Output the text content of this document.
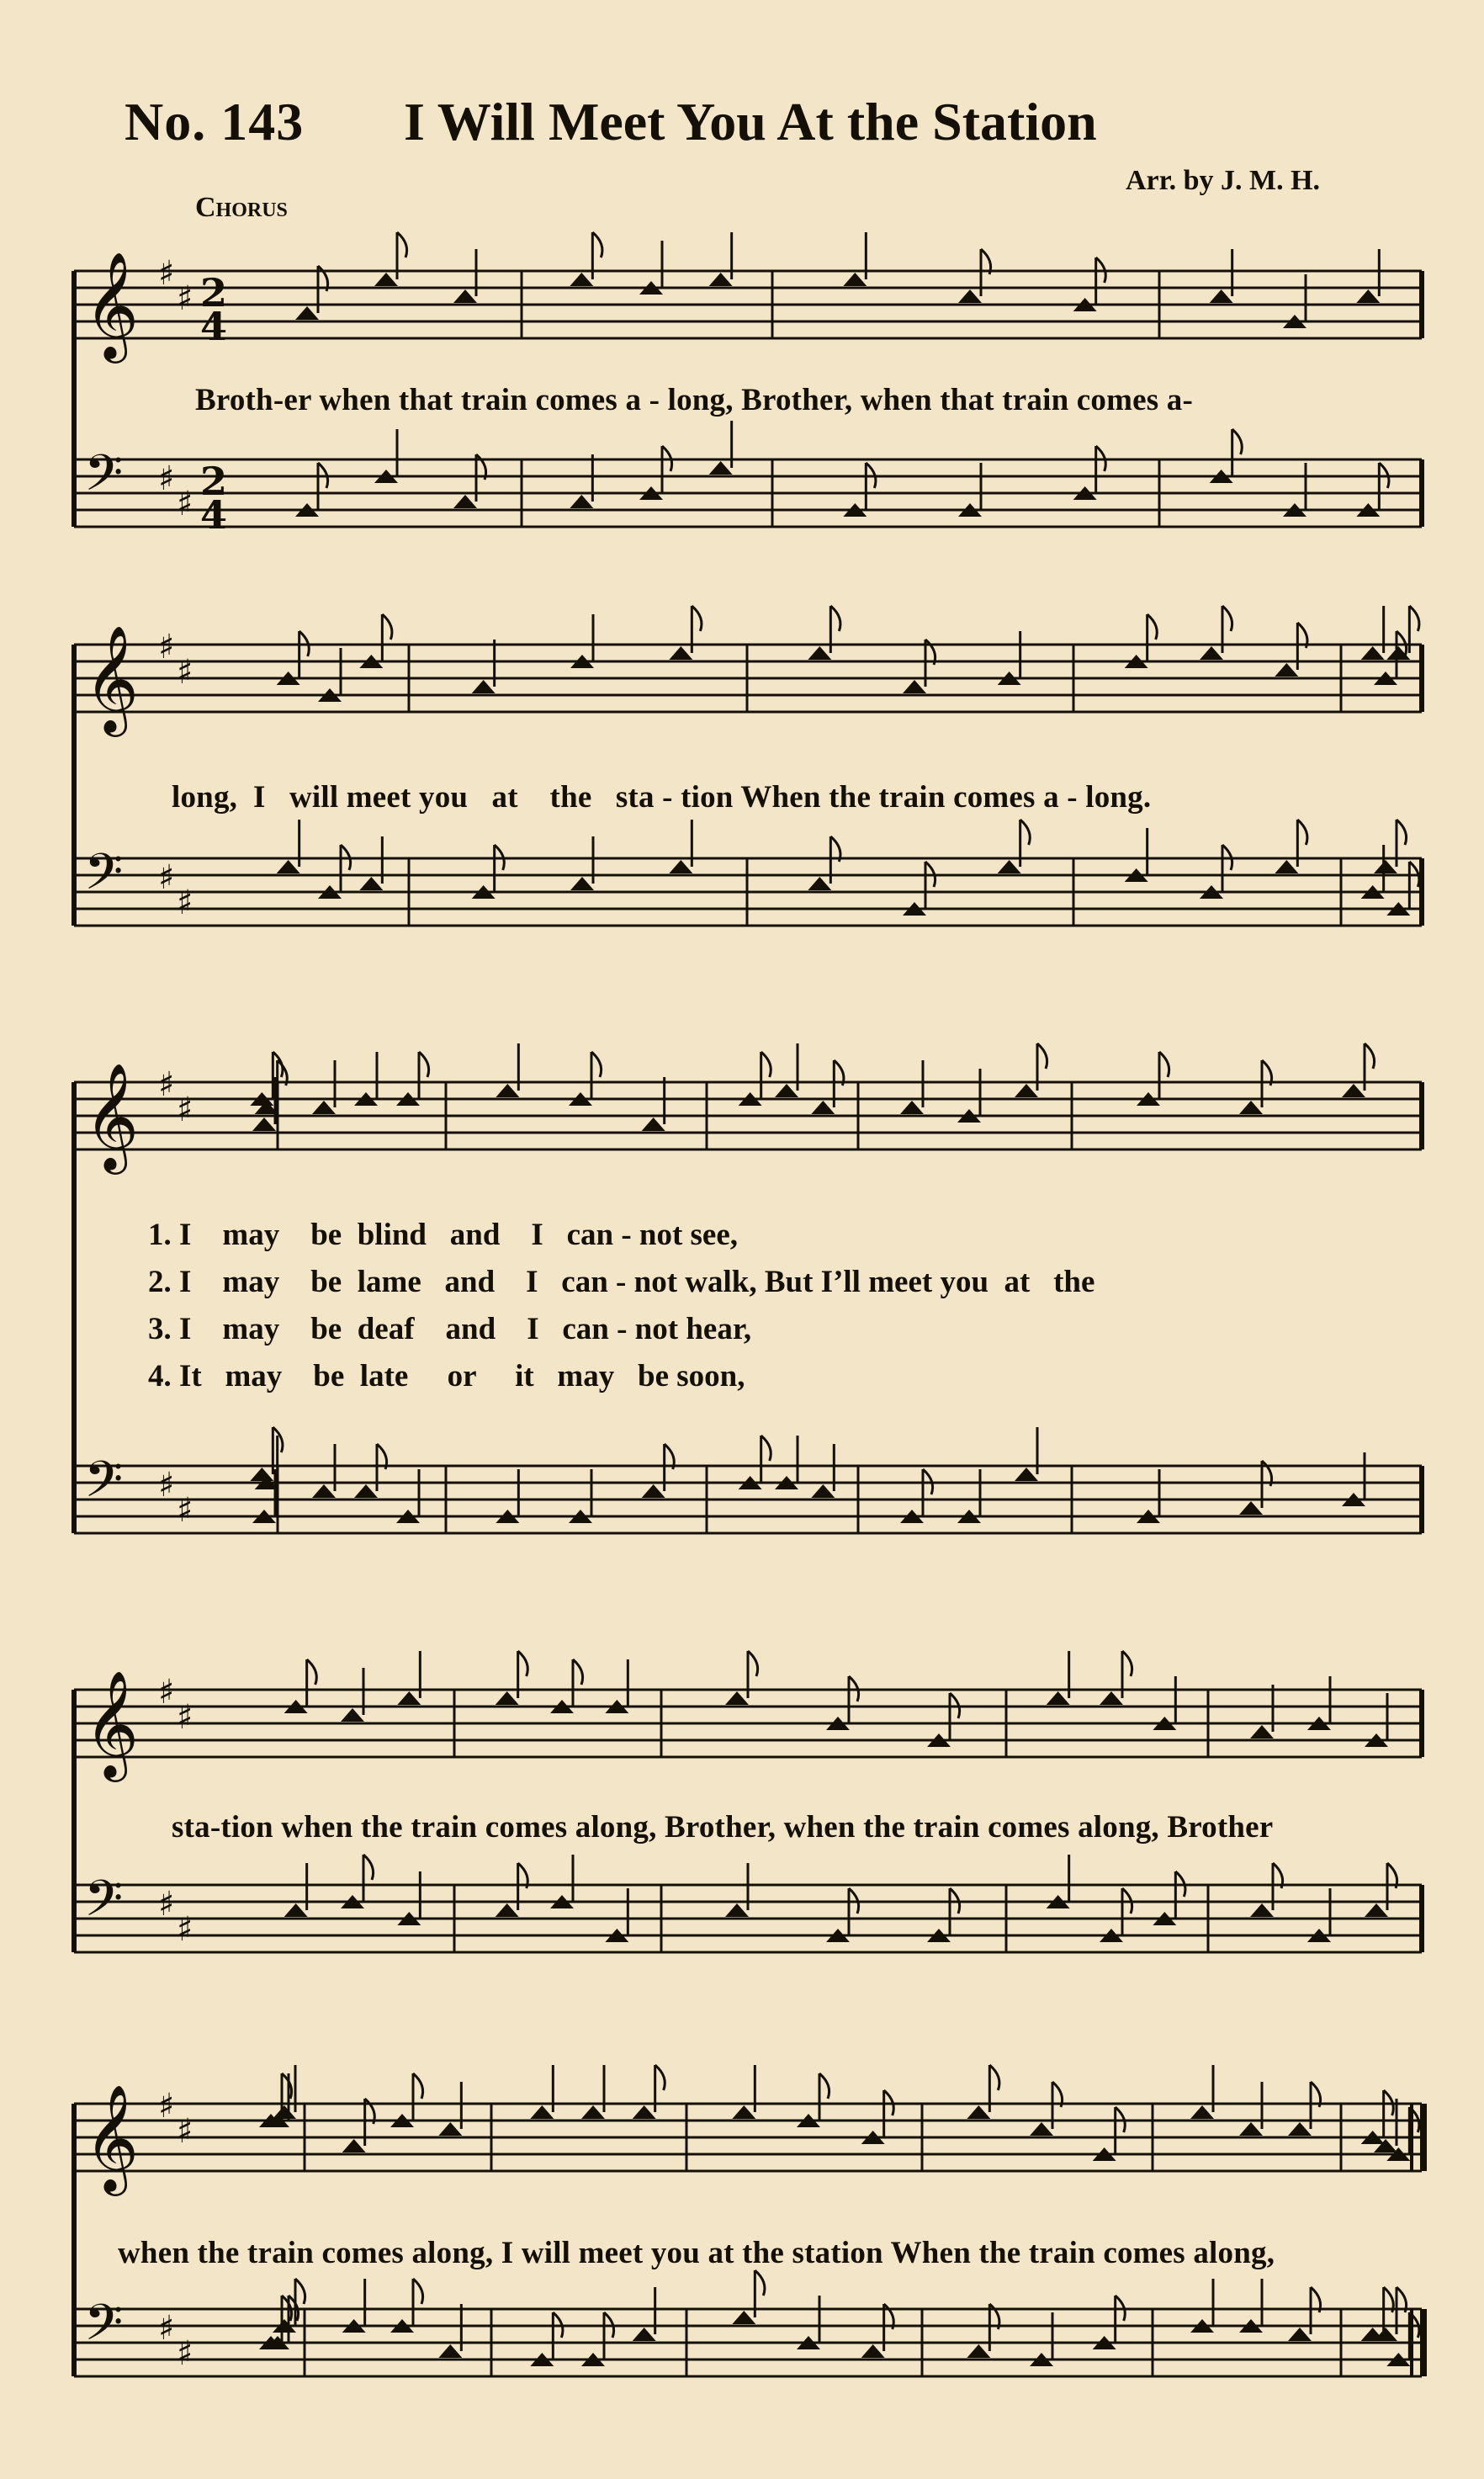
No. 143 I Will Meet You At the Station
Arr. by J. M. H.
Chorus
𝄞 ♯
♯ 2
4
𝄢 ♯
♯ 2
4
𝄞 ♯
♯
𝄢 ♯
♯
𝄞 ♯
♯
𝄢 ♯
♯
𝄞 ♯
♯
𝄢 ♯
♯
𝄞 ♯
♯
𝄢 ♯
♯
Broth-er when that train comes a - long, Brother, when that train comes a-
long,  I   will meet you   at    the   sta - tion When the train comes a - long.
1. I    may    be  blind   and    I   can - not see,
2. I    may    be  lame   and    I   can - not walk, But I’ll meet you  at   the
3. I    may    be  deaf    and    I   can - not hear,
4. It   may    be  late     or     it   may   be soon,
sta-tion when the train comes along, Brother, when the train comes along, Brother
when the train comes along, I will meet you at the station When the train comes along,
